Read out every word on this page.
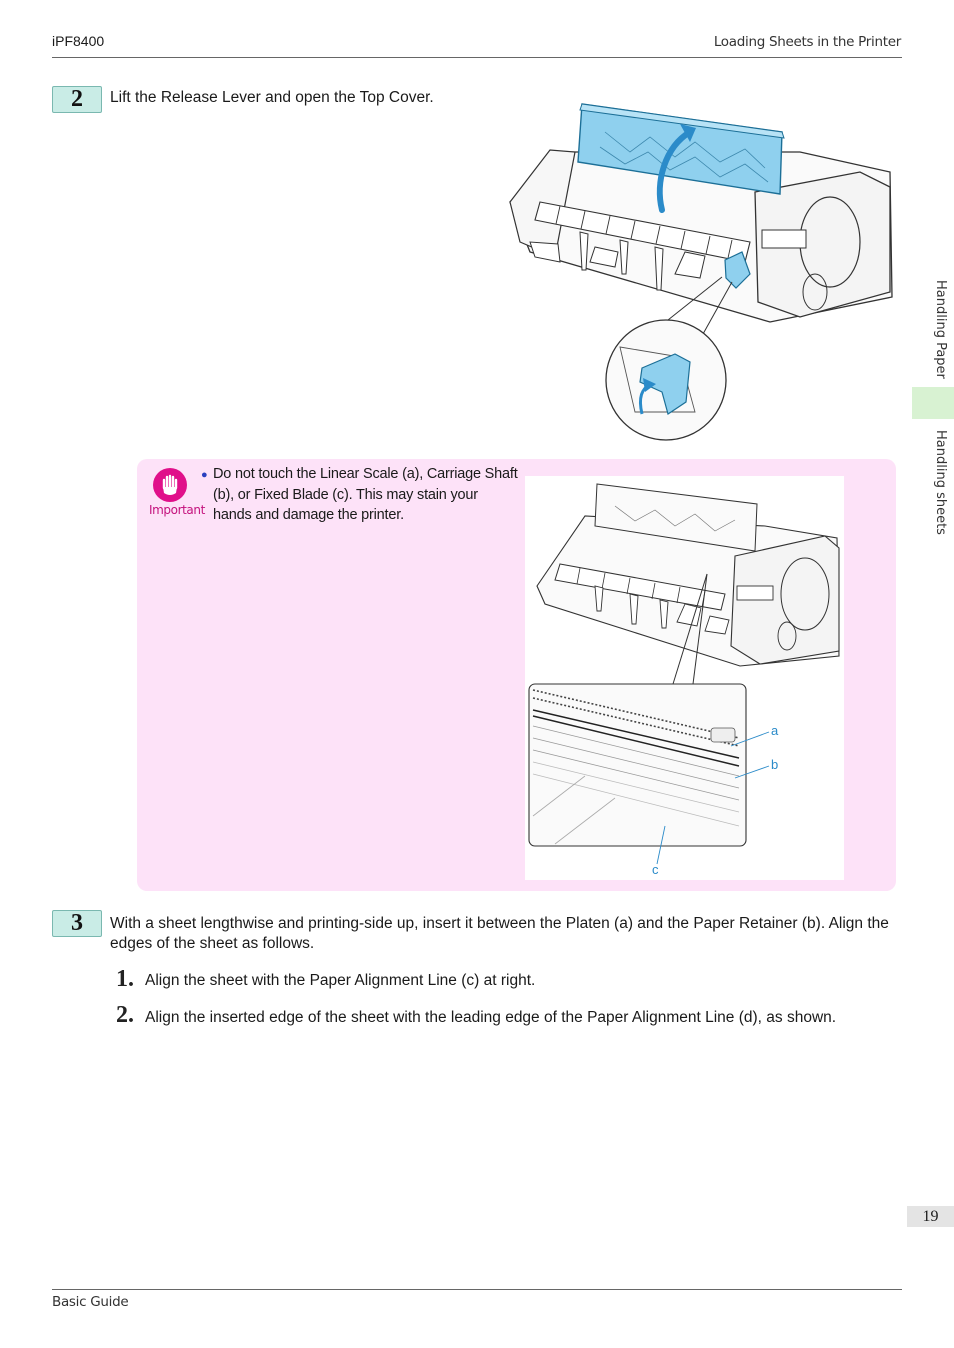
iPF8400	Loading Sheets in the Printer
Handling Paper
Handling sheets
2	Lift the Release Lever and open the Top Cover.
Important
● Do not touch the Linear Scale (a), Carriage Shaft (b), or Fixed Blade (c). This may stain your hands and damage the printer.
a
b
c
3	With a sheet lengthwise and printing-side up, insert it between the Platen (a) and the Paper Retainer (b). Align the edges of the sheet as follows.
1. Align the sheet with the Paper Alignment Line (c) at right.
2. Align the inserted edge of the sheet with the leading edge of the Paper Alignment Line (d), as shown.
19
Basic Guide
